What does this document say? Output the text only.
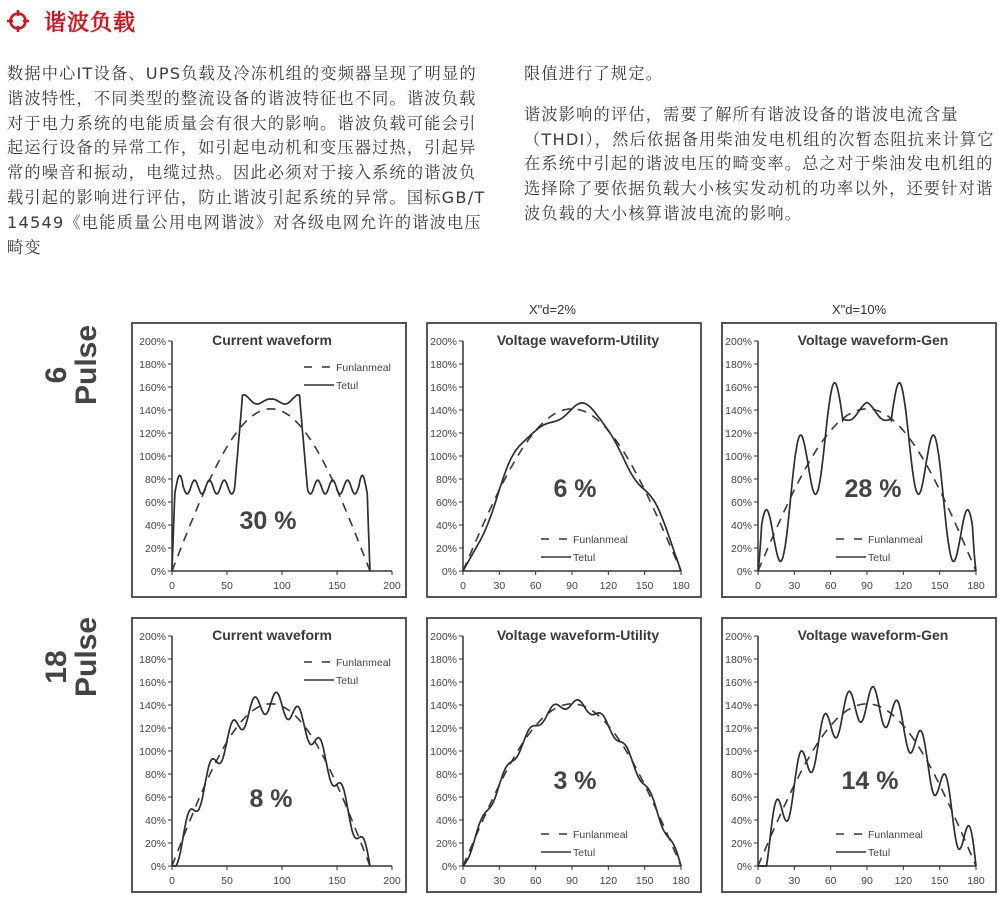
谐波负载

数据中心IT设备、UPS负载及冷冻机组的变频器呈现了明显的谐波特性，不同类型的整流设备的谐波特征也不同。谐波负载对于电力系统的电能质量会有很大的影响。谐波负载可能会引起运行设备的异常工作，如引起电动机和变压器过热，引起异常的噪音和振动，电缆过热。因此必须对于接入系统的谐波负载引起的影响进行评估，防止谐波引起系统的异常。国标GB/T 14549《电能质量公用电网谐波》对各级电网允许的谐波电压畸变

限值进行了规定。

谐波影响的评估，需要了解所有谐波设备的谐波电流含量（THDI），然后依据备用柴油发电机组的次暂态阻抗来计算它在系统中引起的谐波电压的畸变率。总之对于柴油发电机组的选择除了要依据负载大小核实发动机的功率以外，还要针对谐波负载的大小核算谐波电流的影响。

6
Pulse
18
Pulse
X"d=2%	X"d=10%
0%
20%
40%
60%
80%
100%
120%
140%
160%
180%
200%
0	50	100	150	200
Current waveform
30 %
Funlanmeal
Tetul
0%
20%
40%
60%
80%
100%
120%
140%
160%
180%
200%
0	30 60 90 120 150 180
Voltage waveform-Utility
6 %
Funlanmeal
Tetul
0%
20%
40%
60%
80%
100%
120%
140%
160%
180%
200%
0	30 60 90 120 150 180
Voltage waveform-Gen
28 %
Funlanmeal
Tetul
0%
20%
40%
60%
80%
100%
120%
140%
160%
180%
200%
0	50	100	150	200
Current waveform
8 %
Funlanmeal
Tetul
0%
20%
40%
60%
80%
100%
120%
140%
160%
180%
200%
0	30 60 90 120 150 180
Voltage waveform-Utility
3 %
Funlanmeal
Tetul
0%
20%
40%
60%
80%
100%
120%
140%
160%
180%
200%
0	30 60 90 120 150 180
Voltage waveform-Gen
14 %
Funlanmeal
Tetul
